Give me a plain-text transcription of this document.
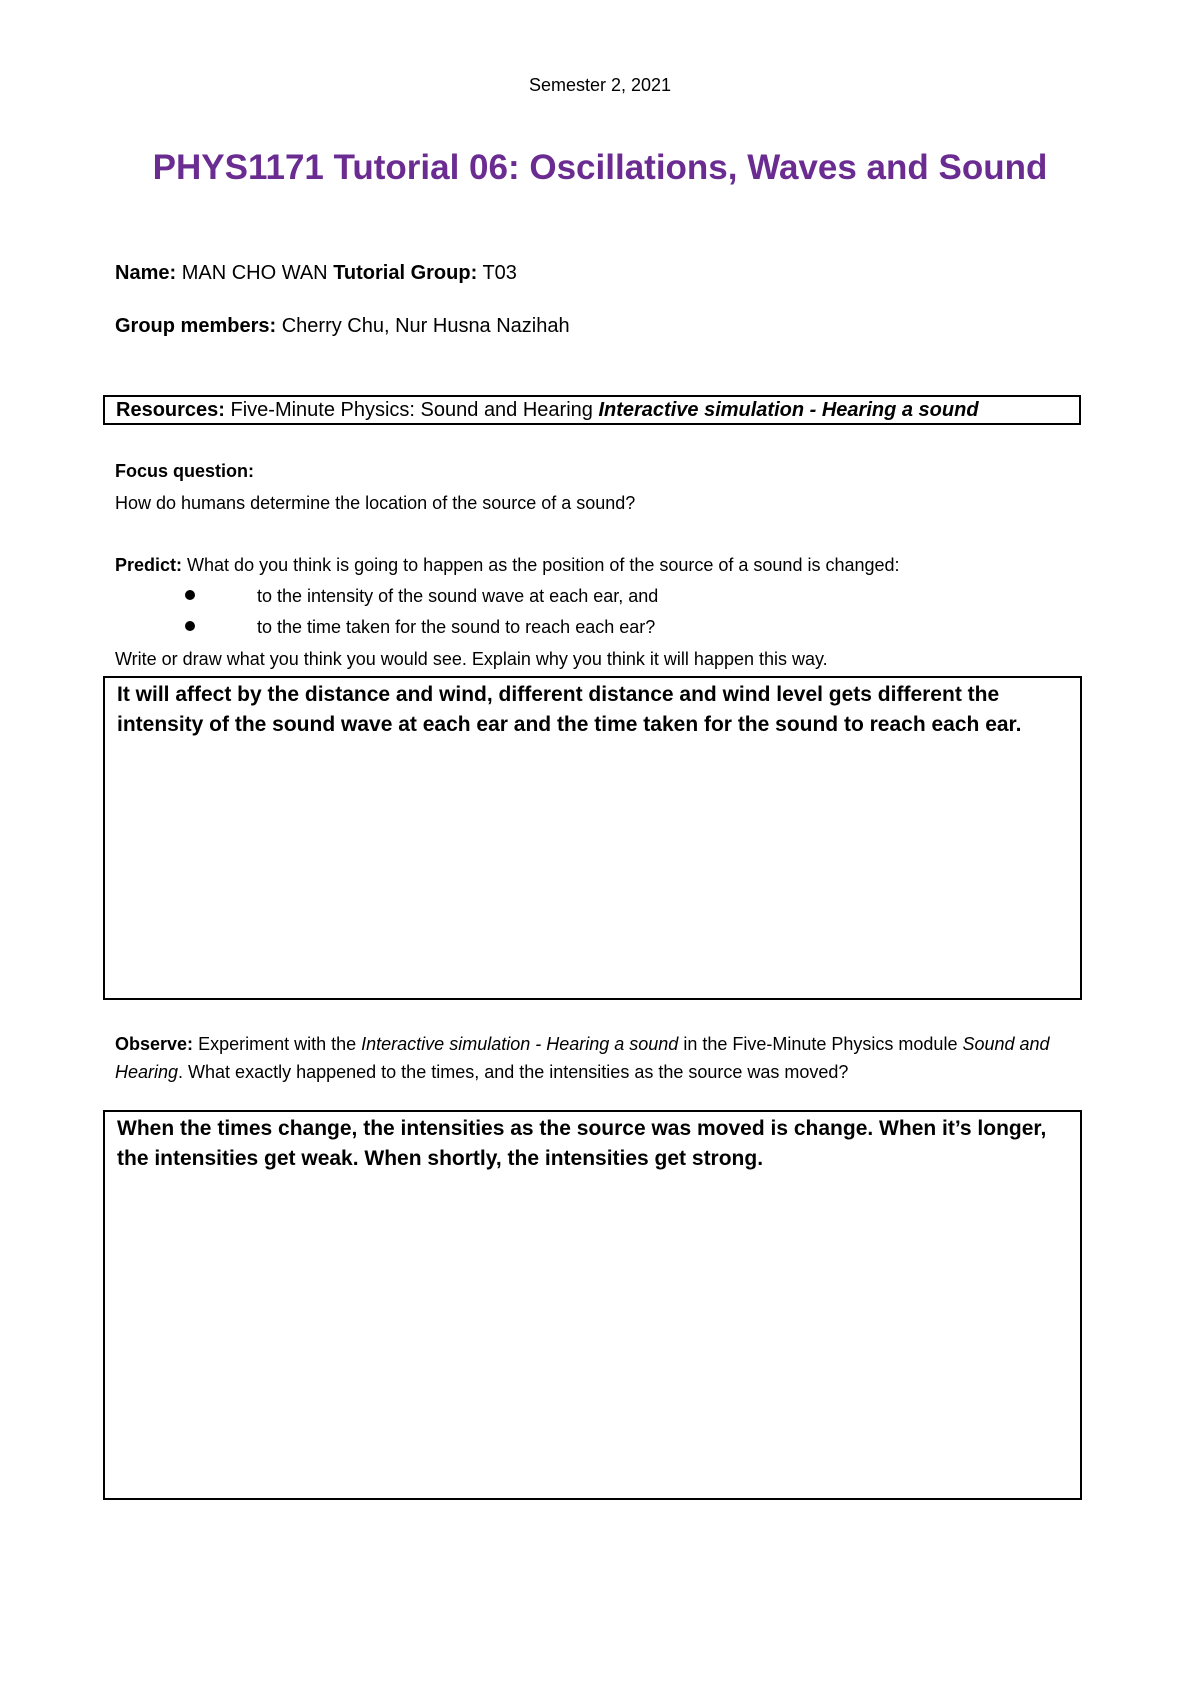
Semester 2, 2021
PHYS1171 Tutorial 06: Oscillations, Waves and Sound
Name: MAN CHO WAN Tutorial Group: T03
Group members: Cherry Chu, Nur Husna Nazihah
Resources: Five-Minute Physics: Sound and Hearing Interactive simulation - Hearing a sound
Focus question:
How do humans determine the location of the source of a sound?
Predict: What do you think is going to happen as the position of the source of a sound is changed:
to the intensity of the sound wave at each ear, and
to the time taken for the sound to reach each ear?
Write or draw what you think you would see. Explain why you think it will happen this way.
It will affect by the distance and wind, different distance and wind level gets different the intensity of the sound wave at each ear and the time taken for the sound to reach each ear.
Observe: Experiment with the Interactive simulation - Hearing a sound in the Five-Minute Physics module Sound and Hearing. What exactly happened to the times, and the intensities as the source was moved?
When the times change, the intensities as the source was moved is change. When it’s longer, the intensities get weak. When shortly, the intensities get strong.
